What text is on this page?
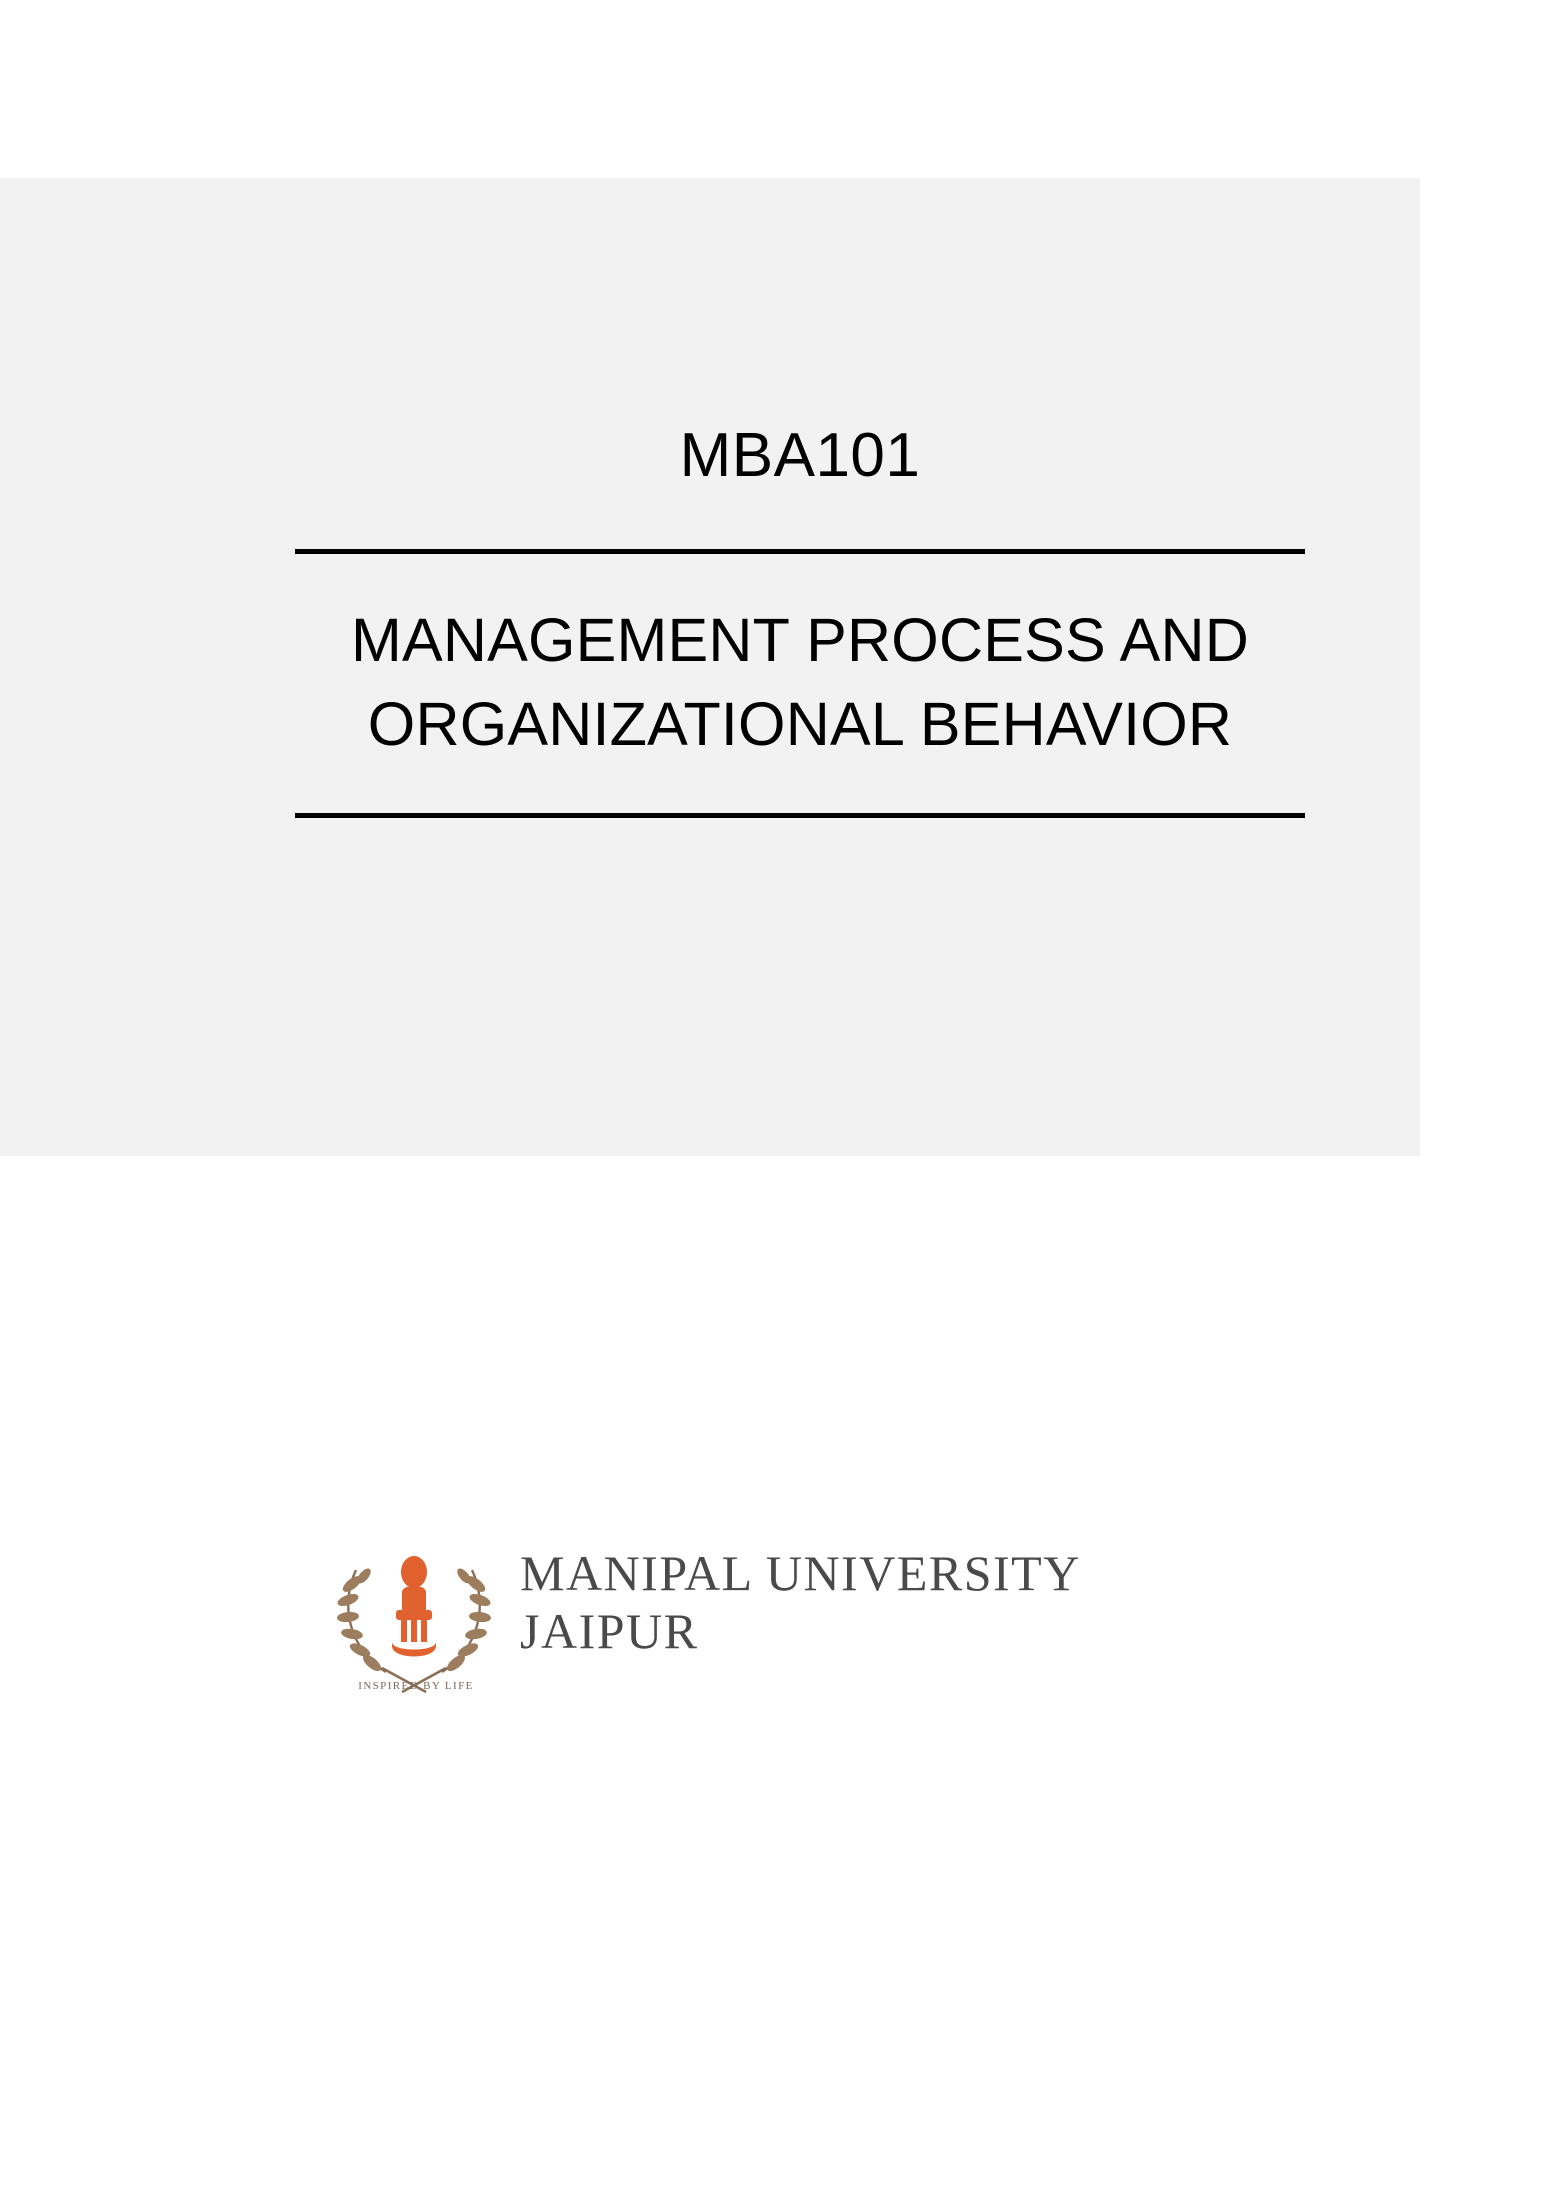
MBA101
MANAGEMENT PROCESS AND ORGANIZATIONAL BEHAVIOR
INSPIRED BY LIFE
MANIPAL UNIVERSITY
JAIPUR
